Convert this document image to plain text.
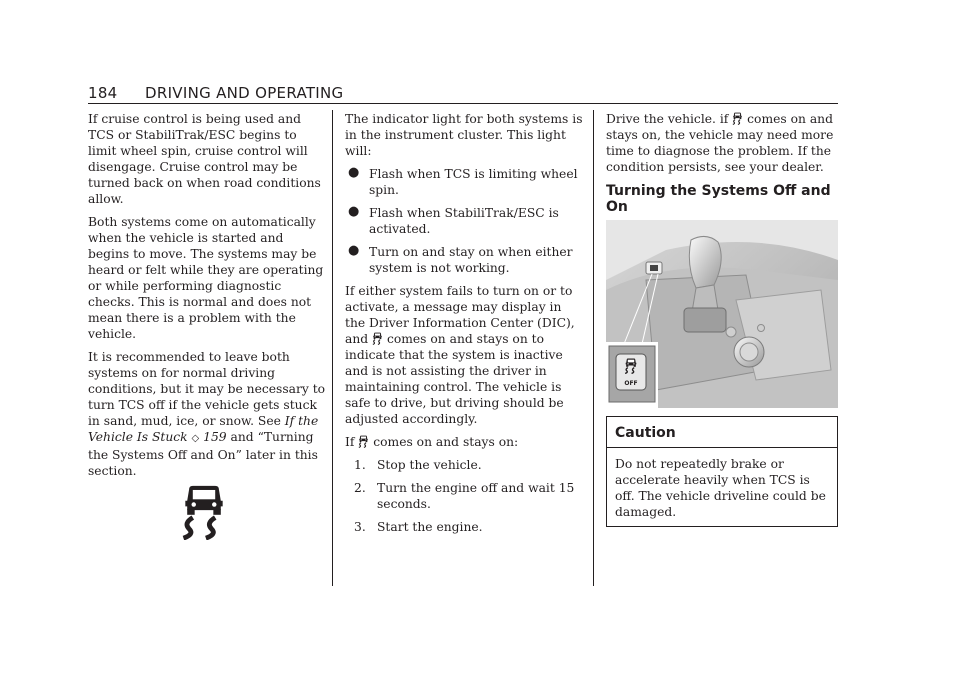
184 DRIVING AND OPERATING

If cruise control is being used and TCS or StabiliTrak/ESC begins to limit wheel spin, cruise control will disengage. Cruise control may be turned back on when road conditions allow.

Both systems come on automatically when the vehicle is started and begins to move. The systems may be heard or felt while they are operating or while performing diagnostic checks. This is normal and does not mean there is a problem with the vehicle.

It is recommended to leave both systems on for normal driving conditions, but it may be necessary to turn TCS off if the vehicle gets stuck in sand, mud, ice, or snow. See If the Vehicle Is Stuck ◇ 159 and “Turning the Systems Off and On” later in this section.

The indicator light for both systems is in the instrument cluster. This light will:

● Flash when TCS is limiting wheel spin.
● Flash when StabiliTrak/ESC is activated.
● Turn on and stay on when either system is not working.

If either system fails to turn on or to activate, a message may display in the Driver Information Center (DIC), and  comes on and stays on to indicate that the system is inactive and is not assisting the driver in maintaining control. The vehicle is safe to drive, but driving should be adjusted accordingly.

If  comes on and stays on:

1. Stop the vehicle.
2. Turn the engine off and wait 15 seconds.
3. Start the engine.

Drive the vehicle. if  comes on and stays on, the vehicle may need more time to diagnose the problem. If the condition persists, see your dealer.

Turning the Systems Off and On
OFF
Caution
Do not repeatedly brake or accelerate heavily when TCS is off. The vehicle driveline could be damaged.
